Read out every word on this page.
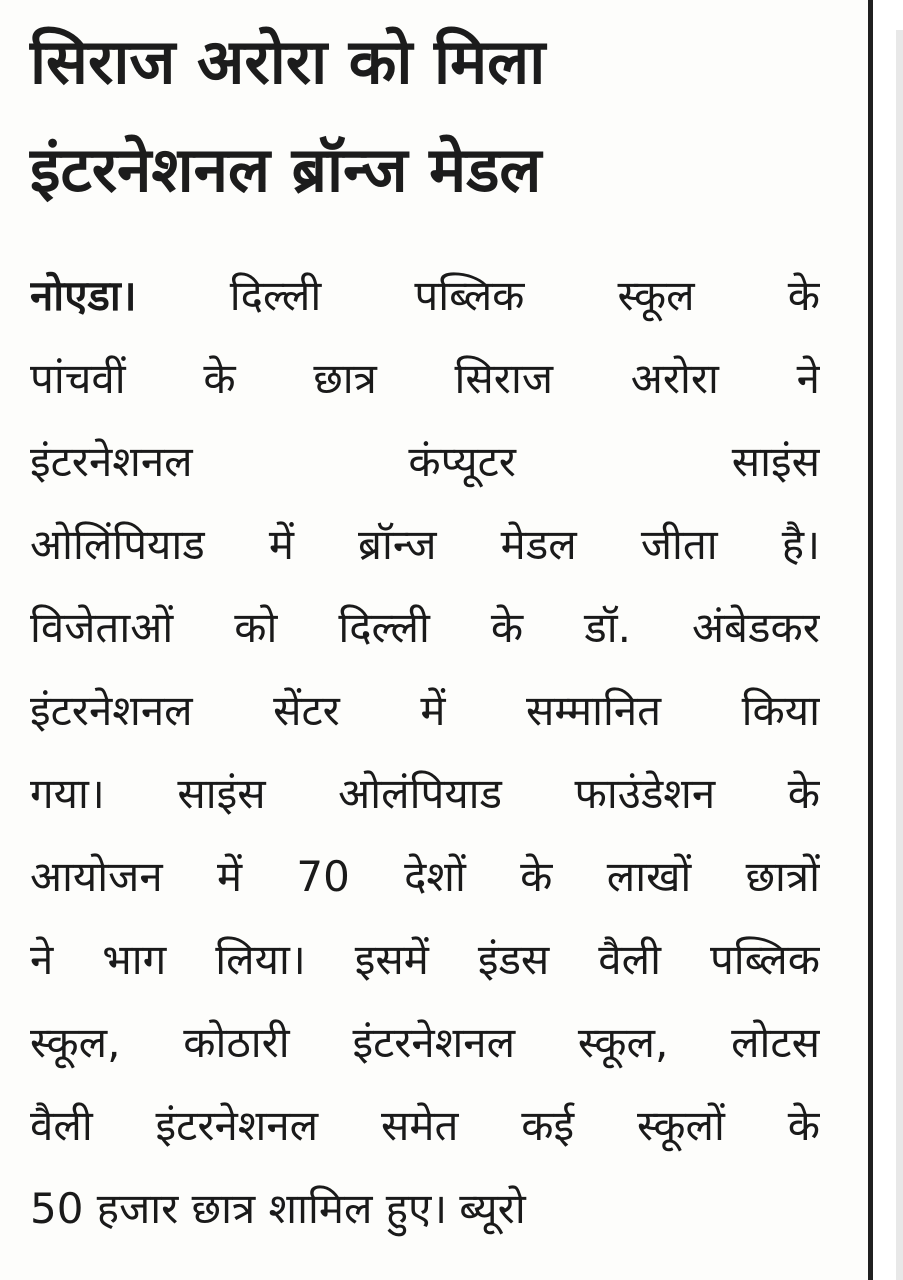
सिराज अरोरा को मिला
इंटरनेशनल ब्रॉन्ज मेडल
नोएडा। दिल्ली पब्लिक स्कूल के
पांचवीं के छात्र सिराज अरोरा ने
इंटरनेशनल	कंप्यूटर	साइंस
ओलिंपियाड में ब्रॉन्ज मेडल जीता है।
विजेताओं को दिल्ली के डॉ. अंबेडकर
इंटरनेशनल सेंटर में सम्मानित किया
गया। साइंस ओलंपियाड फाउंडेशन के
आयोजन में 70 देशों के लाखों छात्रों
ने भाग लिया। इसमें इंडस वैली पब्लिक
स्कूल, कोठारी इंटरनेशनल स्कूल, लोटस
वैली इंटरनेशनल समेत कई स्कूलों के
50 हजार छात्र शामिल हुए। ब्यूरो
